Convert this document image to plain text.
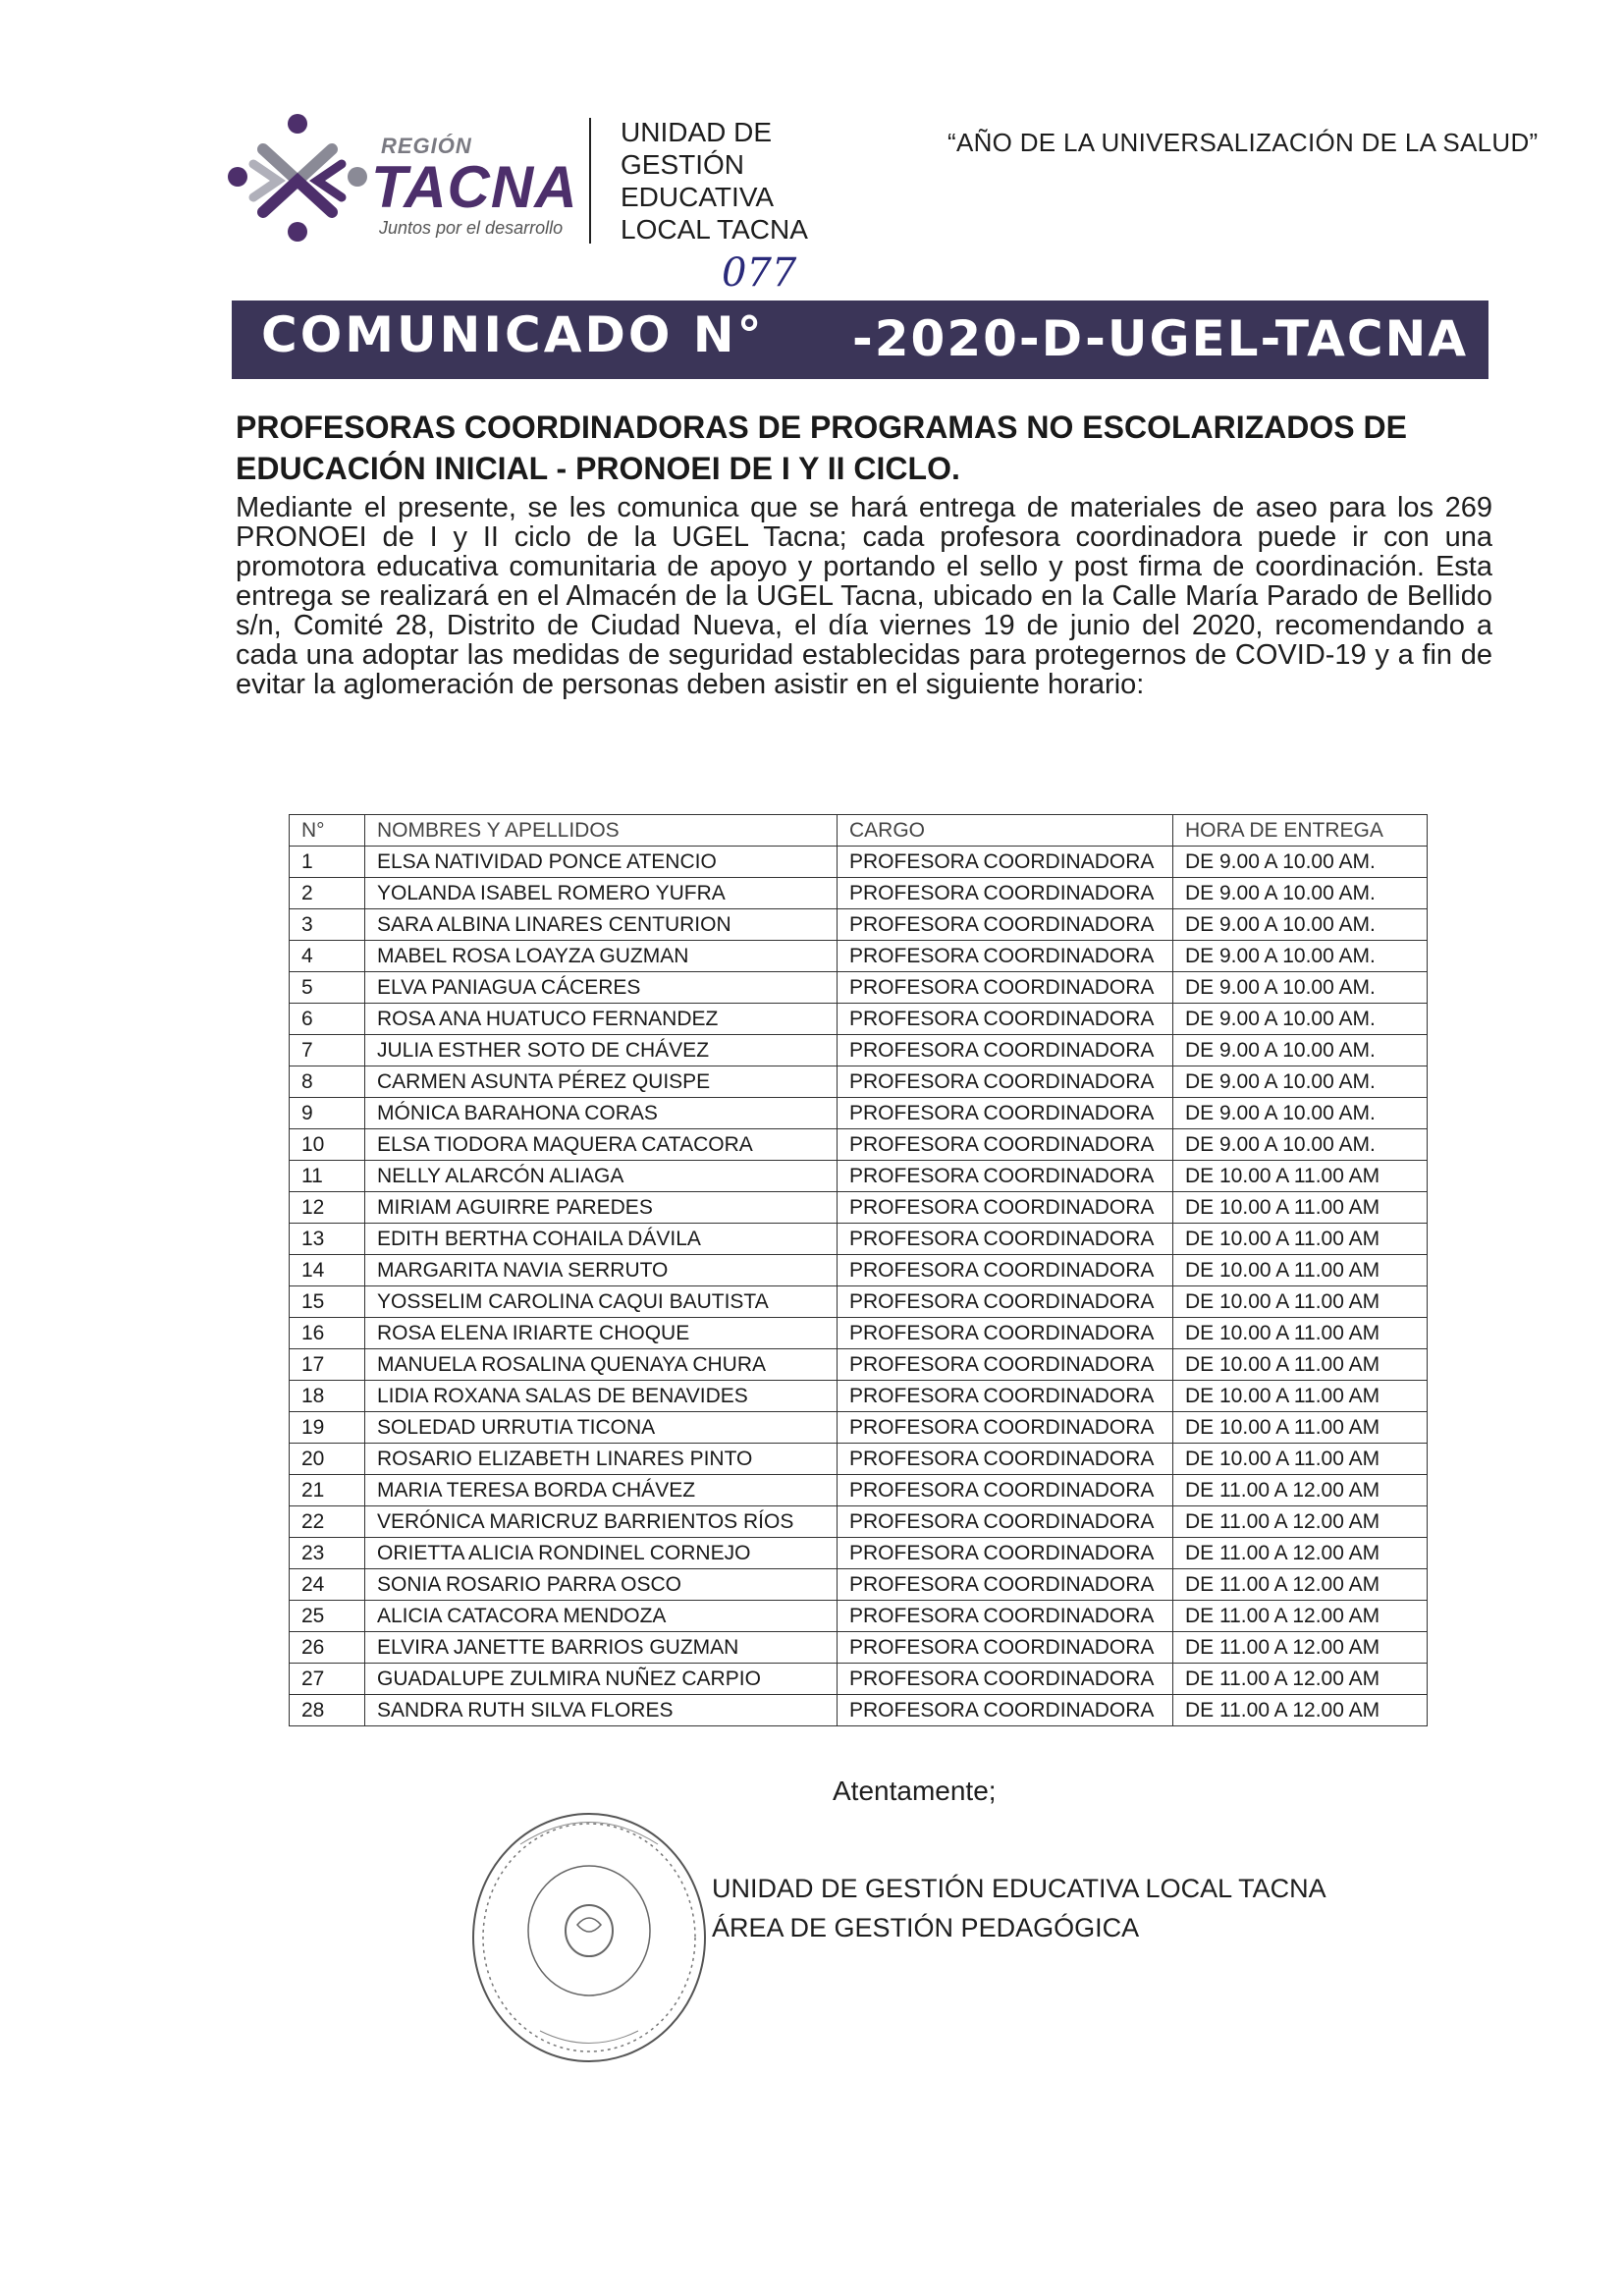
REGIÓN
TACNA
Juntos por el desarrollo
UNIDAD DE
GESTIÓN
EDUCATIVA
LOCAL TACNA
“AÑO DE LA UNIVERSALIZACIÓN DE LA SALUD”
077
COMUNICADO N° -2020-D-UGEL-TACNA
PROFESORAS COORDINADORAS DE PROGRAMAS NO ESCOLARIZADOS DE EDUCACIÓN INICIAL - PRONOEI DE I Y II CICLO.
Mediante el presente, se les comunica que se hará entrega de materiales de aseo para los 269 PRONOEI de I y II ciclo de la UGEL Tacna; cada profesora coordinadora puede ir con una promotora educativa comunitaria de apoyo y portando el sello y post firma de coordinación. Esta entrega se realizará en el Almacén de la UGEL Tacna, ubicado en la Calle María Parado de Bellido s/n, Comité 28, Distrito de Ciudad Nueva, el día viernes 19 de junio del 2020, recomendando a cada una adoptar las medidas de seguridad establecidas para protegernos de COVID-19 y a fin de evitar la aglomeración de personas deben asistir en el siguiente horario:
N°	NOMBRES Y APELLIDOS	CARGO	HORA DE ENTREGA
1	ELSA NATIVIDAD PONCE ATENCIO	PROFESORA COORDINADORA	DE 9.00 A 10.00 AM.
2	YOLANDA ISABEL ROMERO YUFRA	PROFESORA COORDINADORA	DE 9.00 A 10.00 AM.
3	SARA ALBINA LINARES CENTURION	PROFESORA COORDINADORA	DE 9.00 A 10.00 AM.
4	MABEL ROSA LOAYZA GUZMAN	PROFESORA COORDINADORA	DE 9.00 A 10.00 AM.
5	ELVA PANIAGUA CÁCERES	PROFESORA COORDINADORA	DE 9.00 A 10.00 AM.
6	ROSA ANA HUATUCO FERNANDEZ	PROFESORA COORDINADORA	DE 9.00 A 10.00 AM.
7	JULIA ESTHER SOTO DE CHÁVEZ	PROFESORA COORDINADORA	DE 9.00 A 10.00 AM.
8	CARMEN ASUNTA PÉREZ QUISPE	PROFESORA COORDINADORA	DE 9.00 A 10.00 AM.
9	MÓNICA BARAHONA CORAS	PROFESORA COORDINADORA	DE 9.00 A 10.00 AM.
10	ELSA TIODORA MAQUERA CATACORA	PROFESORA COORDINADORA	DE 9.00 A 10.00 AM.
11	NELLY ALARCÓN ALIAGA	PROFESORA COORDINADORA	DE 10.00 A 11.00 AM
12	MIRIAM AGUIRRE PAREDES	PROFESORA COORDINADORA	DE 10.00 A 11.00 AM
13	EDITH BERTHA COHAILA DÁVILA	PROFESORA COORDINADORA	DE 10.00 A 11.00 AM
14	MARGARITA NAVIA SERRUTO	PROFESORA COORDINADORA	DE 10.00 A 11.00 AM
15	YOSSELIM CAROLINA CAQUI BAUTISTA	PROFESORA COORDINADORA	DE 10.00 A 11.00 AM
16	ROSA ELENA IRIARTE CHOQUE	PROFESORA COORDINADORA	DE 10.00 A 11.00 AM
17	MANUELA ROSALINA QUENAYA CHURA	PROFESORA COORDINADORA	DE 10.00 A 11.00 AM
18	LIDIA ROXANA SALAS DE BENAVIDES	PROFESORA COORDINADORA	DE 10.00 A 11.00 AM
19	SOLEDAD URRUTIA TICONA	PROFESORA COORDINADORA	DE 10.00 A 11.00 AM
20	ROSARIO ELIZABETH LINARES PINTO	PROFESORA COORDINADORA	DE 10.00 A 11.00 AM
21	MARIA TERESA BORDA CHÁVEZ	PROFESORA COORDINADORA	DE 11.00 A 12.00 AM
22	VERÓNICA MARICRUZ BARRIENTOS RÍOS	PROFESORA COORDINADORA	DE 11.00 A 12.00 AM
23	ORIETTA ALICIA RONDINEL CORNEJO	PROFESORA COORDINADORA	DE 11.00 A 12.00 AM
24	SONIA ROSARIO PARRA OSCO	PROFESORA COORDINADORA	DE 11.00 A 12.00 AM
25	ALICIA CATACORA MENDOZA	PROFESORA COORDINADORA	DE 11.00 A 12.00 AM
26	ELVIRA JANETTE BARRIOS GUZMAN	PROFESORA COORDINADORA	DE 11.00 A 12.00 AM
27	GUADALUPE ZULMIRA NUÑEZ CARPIO	PROFESORA COORDINADORA	DE 11.00 A 12.00 AM
28	SANDRA RUTH SILVA FLORES	PROFESORA COORDINADORA	DE 11.00 A 12.00 AM
Atentamente;
UNIDAD DE GESTIÓN EDUCATIVA LOCAL TACNA
ÁREA DE GESTIÓN PEDAGÓGICA
